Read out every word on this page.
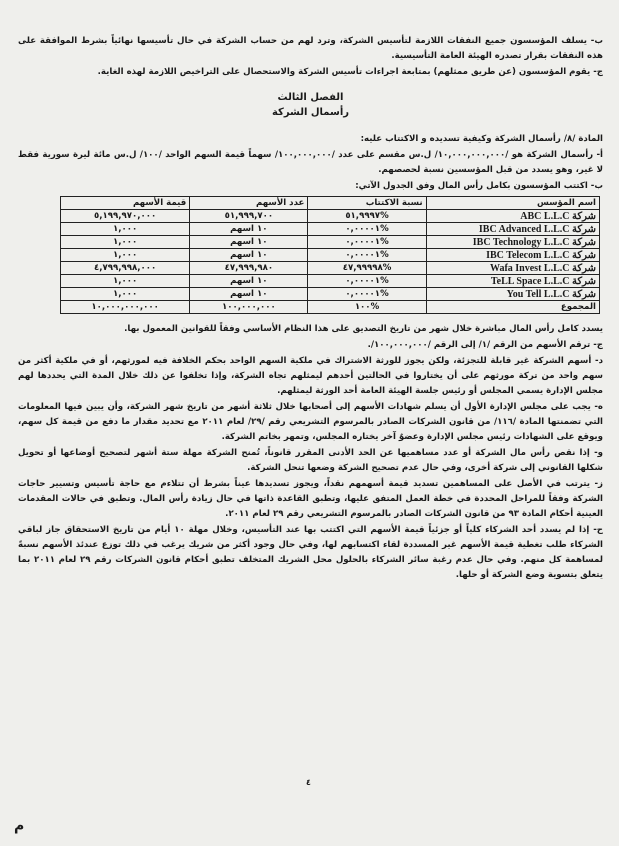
ب- يسلف المؤسسون جميع النفقات اللازمة لتأسيس الشركة، وترد لهم من حساب الشركة في حال تأسيسها نهائياً بشرط الموافقة على هذه النفقات بقرار تصدره الهيئة العامة التأسيسية.

ج- يقوم المؤسسون (عن طريق ممثلهم) بمتابعة اجراءات تأسيس الشركة والاستحصال على التراخيص اللازمة لهذه الغاية.

الفصل الثالث
رأسمال الشركة

المادة /٨/ رأسمال الشركة وكيفية تسديده و الاكتتاب عليه:

أ- رأسمال الشركة هو /١٠,٠٠٠,٠٠٠,٠٠٠/ ل.س مقسم على عدد /١٠٠,٠٠٠,٠٠٠/ سهماً قيمة السهم الواحد /١٠٠/ ل.س مائة ليرة سورية فقط لا غير، وهو يسدد من قبل المؤسسين نسبة لحصصهم.

ب- اكتتب المؤسسون بكامل رأس المال وفق الجدول الآتي:

اسم المؤسس	نسبة الاكتتاب	عدد الأسهم	قيمة الأسهم
شركة ABC L.L.C	%٥١,٩٩٩٧	٥١,٩٩٩,٧٠٠	٥,١٩٩,٩٧٠,٠٠٠
شركة IBC Advanced L.L.C	%٠,٠٠٠٠١	١٠ اسهم	١,٠٠٠
شركة IBC Technology L.L.C	%٠,٠٠٠٠١	١٠ اسهم	١,٠٠٠
شركة IBC Telecom L.L.C	%٠,٠٠٠٠١	١٠ اسهم	١,٠٠٠
شركة Wafa Invest L.L.C	%٤٧,٩٩٩٩٨	٤٧,٩٩٩,٩٨٠	٤,٧٩٩,٩٩٨,٠٠٠
شركة TeLL Space L.L.C	%٠,٠٠٠٠١	١٠ اسهم	١,٠٠٠
شركة You Tell L.L.C	%٠,٠٠٠٠١	١٠ اسهم	١,٠٠٠
المجموع	%١٠٠	١٠٠,٠٠٠,٠٠٠	١٠,٠٠٠,٠٠٠,٠٠٠

يسدد كامل رأس المال مباشرة خلال شهر من تاريخ التصديق على هذا النظام الأساسي وفقاً للقوانين المعمول بها.

ج- ترقم الأسهم من الرقم /١/ إلى الرقم /١٠٠,٠٠٠,٠٠٠/.

د- أسهم الشركة غير قابلة للتجزئة، ولكن يجوز للورثة الاشتراك في ملكية السهم الواحد بحكم الخلافة فيه لمورثهم، أو في ملكية أكثر من سهم واحد من تركة مورثهم على أن يختاروا في الحالتين أحدهم ليمثلهم تجاه الشركة، وإذا تخلفوا عن ذلك خلال المدة التي يحددها لهم مجلس الإدارة يسمي المجلس أو رئيس جلسة الهيئة العامة أحد الورثة ليمثلهم.

ه- يجب على مجلس الإدارة الأول أن يسلم شهادات الأسهم إلى أصحابها خلال ثلاثة أشهر من تاريخ شهر الشركة، وأن يبين فيها المعلومات التي تضمنتها المادة /١١٦/ من قانون الشركات الصادر بالمرسوم التشريعي رقم /٢٩/ لعام ٢٠١١ مع تحديد مقدار ما دفع من قيمة كل سهم، ويوقع على الشهادات رئيس مجلس الإدارة وعضوٌ آخر يختاره المجلس، وتمهر بخاتم الشركة.

و- إذا نقص رأس مال الشركة أو عدد مساهميها عن الحد الأدنى المقرر قانوناً، تُمنح الشركة مهلة ستة أشهر لتصحيح أوضاعها أو تحويل شكلها القانوني إلى شركة أخرى، وفي حال عدم تصحيح الشركة وضعها تنحل الشركة.

ز- يترتب في الأصل على المساهمين تسديد قيمة أسهمهم نقداً، ويجوز تسديدها عيناً بشرط أن تتلاءم مع حاجة تأسيس وتسيير حاجات الشركة وفقاً للمراحل المحددة في خطة العمل المتفق عليها، وتطبق القاعدة ذاتها في حال زيادة رأس المال. وتطبق في حالات المقدمات العينية أحكام المادة ٩٣ من قانون الشركات الصادر بالمرسوم التشريعي رقم ٢٩ لعام ٢٠١١.

ح- إذا لم يسدد أحد الشركاء كلياً أو جزئياً قيمة الأسهم التي اكتتب بها عند التأسيس، وخلال مهلة ١٠ أيام من تاريخ الاستحقاق جاز لباقي الشركاء طلب تغطية قيمة الأسهم غير المسددة لقاء اكتسابهم لها، وفي حال وجود أكثر من شريك يرغب في ذلك توزع عندئذ الأسهم نسبةً لمساهمة كل منهم. وفي حال عدم رغبة سائر الشركاء بالحلول محل الشريك المتخلف تطبق أحكام قانون الشركات رقم ٢٩ لعام ٢٠١١ بما يتعلق بتسوية وضع الشركة أو حلها.

٤
م
